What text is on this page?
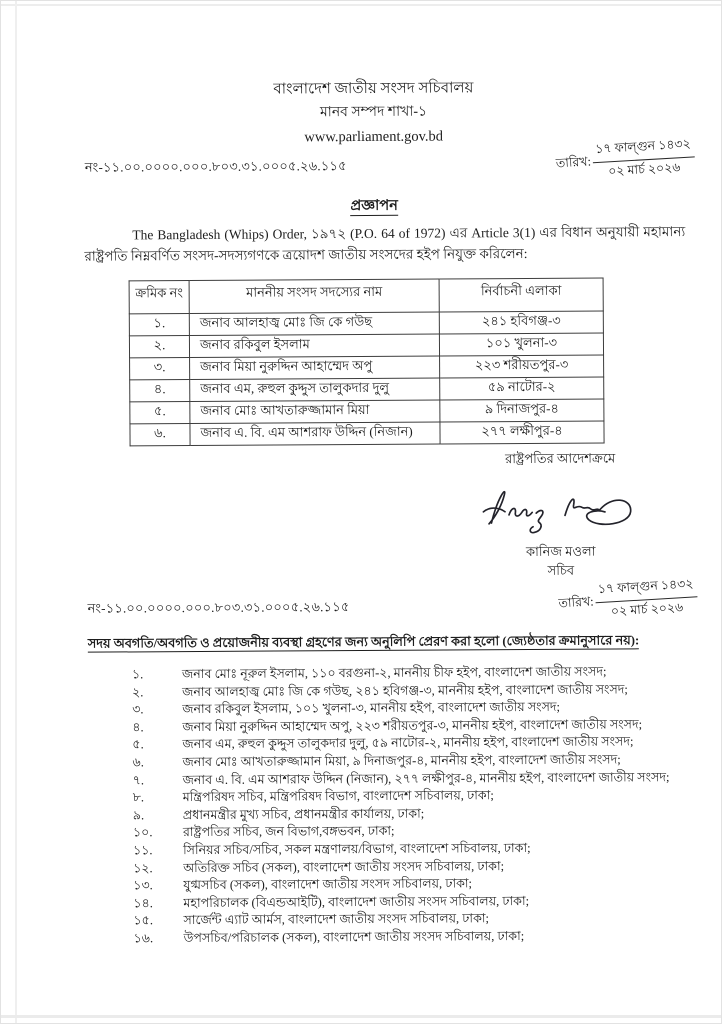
বাংলাদেশ জাতীয় সংসদ সচিবালয়
মানব সম্পদ শাখা-১
www.parliament.gov.bd
নং-১১.০০.০০০০.০০০.৮০৩.৩১.০০০৫.২৬.১১৫	তারিখ: $\frac{\text{১৭ ফাল্গুন ১৪৩২}}{\text{০২ মার্চ ২০২৬}}$
প্রজ্ঞাপন
The Bangladesh (Whips) Order, ১৯৭২ (P.O. 64 of 1972) এর Article 3(1) এর বিধান অনুযায়ী মহামান্য রাষ্ট্রপতি নিম্নবর্ণিত সংসদ-সদস্যগণকে ত্রয়োদশ জাতীয় সংসদের হইপ নিযুক্ত করিলেন:
ক্রমিক নং	মাননীয় সংসদ সদস্যের নাম	নির্বাচনী এলাকা
১.	জনাব আলহাজ্ব মোঃ জি কে গউছ	২৪১ হবিগঞ্জ-৩
২.	জনাব রকিবুল ইসলাম	১০১ খুলনা-৩
৩.	জনাব মিয়া নুরুদ্দিন আহাম্মেদ অপু	২২৩ শরীয়তপুর-৩
৪.	জনাব এম, রুহুল কুদ্দুস তালুকদার দুলু	৫৯ নাটোর-২
৫.	জনাব মোঃ আখতারুজ্জামান মিয়া	৯ দিনাজপুর-৪
৬.	জনাব এ. বি. এম আশরাফ উদ্দিন (নিজান)	২৭৭ লক্ষীপুর-৪
রাষ্ট্রপতির আদেশক্রমে
কানিজ মওলা
সচিব
নং-১১.০০.০০০০.০০০.৮০৩.৩১.০০০৫.২৬.১১৫	তারিখ: $\frac{\text{১৭ ফাল্গুন ১৪৩২}}{\text{০২ মার্চ ২০২৬}}$
সদয় অবগতি/অবগতি ও প্রয়োজনীয় ব্যবস্থা গ্রহণের জন্য অনুলিপি প্রেরণ করা হলো (জ্যেষ্ঠতার ক্রমানুসারে নয়):
১.	জনাব মোঃ নূরুল ইসলাম, ১১০ বরগুনা-২, মাননীয় চীফ হইপ, বাংলাদেশ জাতীয় সংসদ;
২.	জনাব আলহাজ্ব মোঃ জি কে গউছ, ২৪১ হবিগঞ্জ-৩, মাননীয় হইপ, বাংলাদেশ জাতীয় সংসদ;
৩.	জনাব রকিবুল ইসলাম, ১০১ খুলনা-৩, মাননীয় হইপ, বাংলাদেশ জাতীয় সংসদ;
৪.	জনাব মিয়া নুরুদ্দিন আহাম্মেদ অপু, ২২৩ শরীয়তপুর-৩, মাননীয় হইপ, বাংলাদেশ জাতীয় সংসদ;
৫.	জনাব এম, রুহুল কুদ্দুস তালুকদার দুলু, ৫৯ নাটোর-২, মাননীয় হইপ, বাংলাদেশ জাতীয় সংসদ;
৬.	জনাব মোঃ আখতারুজ্জামান মিয়া, ৯ দিনাজপুর-৪, মাননীয় হইপ, বাংলাদেশ জাতীয় সংসদ;
৭.	জনাব এ. বি. এম আশরাফ উদ্দিন (নিজান), ২৭৭ লক্ষীপুর-৪, মাননীয় হইপ, বাংলাদেশ জাতীয় সংসদ;
৮.	মন্ত্রিপরিষদ সচিব, মন্ত্রিপরিষদ বিভাগ, বাংলাদেশ সচিবালয়, ঢাকা;
৯.	প্রধানমন্ত্রীর মুখ্য সচিব, প্রধানমন্ত্রীর কার্যালয়, ঢাকা;
১০.	রাষ্ট্রপতির সচিব, জন বিভাগ,বঙ্গভবন, ঢাকা;
১১.	সিনিয়র সচিব/সচিব, সকল মন্ত্রণালয়/বিভাগ, বাংলাদেশ সচিবালয়, ঢাকা;
১২.	অতিরিক্ত সচিব (সকল), বাংলাদেশ জাতীয় সংসদ সচিবালয়, ঢাকা;
১৩.	যুগ্মসচিব (সকল), বাংলাদেশ জাতীয় সংসদ সচিবালয়, ঢাকা;
১৪.	মহাপরিচালক (বিএন্ডআইটি), বাংলাদেশ জাতীয় সংসদ সচিবালয়, ঢাকা;
১৫.	সার্জেন্ট এ্যাট আর্মস, বাংলাদেশ জাতীয় সংসদ সচিবালয়, ঢাকা;
১৬.	উপসচিব/পরিচালক (সকল), বাংলাদেশ জাতীয় সংসদ সচিবালয়, ঢাকা;
